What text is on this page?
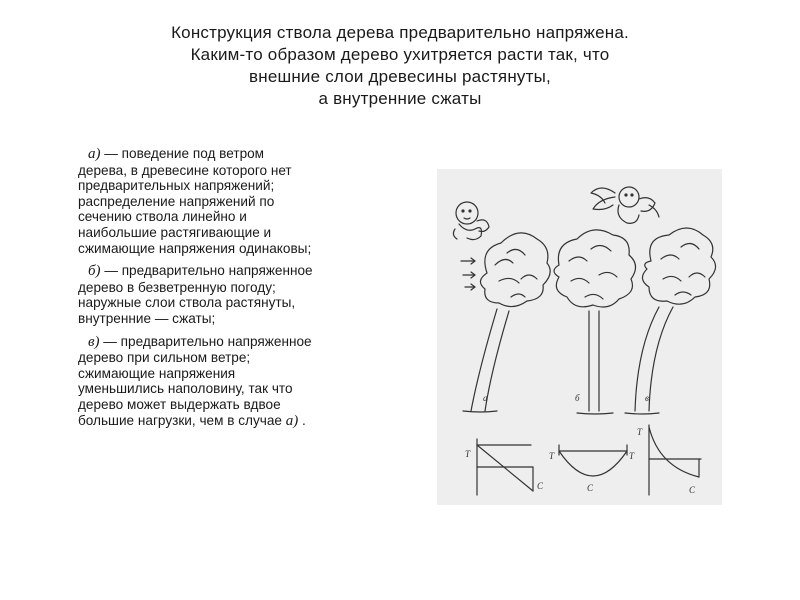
Конструкция ствола дерева предварительно напряжена.
Каким-то образом дерево ухитряется расти так, что
внешние слои древесины растянуты,
а внутренние сжаты
а) — поведение под ветром
дерева, в древесине которого нет
предварительных напряжений;
распределение напряжений по
сечению ствола линейно и
наибольшие растягивающие и
сжимающие напряжения одинаковы;
б) — предварительно напряженное
дерево в безветренную погоду;
наружные слои ствола растянуты,
внутренние — сжаты;
в) — предварительно напряженное
дерево при сильном ветре;
сжимающие напряжения
уменьшились наполовину, так что
дерево может выдержать вдвое
большие нагрузки, чем в случае а) .
а	б	в
Т
С
Т	Т
С
Т
С
